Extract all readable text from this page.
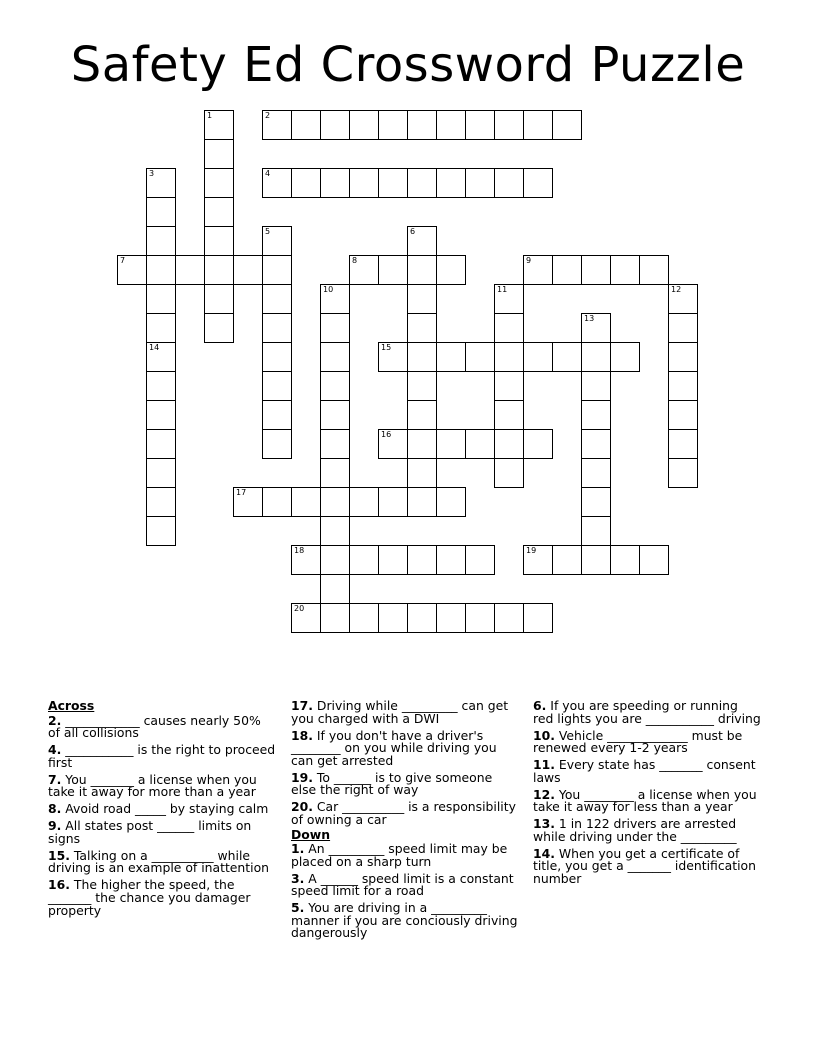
Safety Ed Crossword Puzzle
2
4
7	8	9
15
16
17
18	19
20
1
3
5	6
10	11	12
13
14
Across
2. ____________ causes nearly 50% of all collisions
4. ___________ is the right to proceed first
7. You _______ a license when you take it away for more than a year
8. Avoid road _____ by staying calm
9. All states post ______ limits on signs
15. Talking on a __________ while driving is an example of inattention
16. The higher the speed, the _______ the chance you damager property
17. Driving while _________ can get you charged with a DWI
18. If you don't have a driver's ________ on you while driving you can get arrested
19. To ______ is to give someone else the right of way
20. Car __________ is a responsibility of owning a car
Down
1. An _________ speed limit may be placed on a sharp turn
3. A ______ speed limit is a constant speed limit for a road
5. You are driving in a _________ manner if you are conciously driving dangerously
6. If you are speeding or running red lights you are ___________ driving
10. Vehicle _____________ must be renewed every 1-2 years
11. Every state has _______ consent laws
12. You ________ a license when you take it away for less than a year
13. 1 in 122 drivers are arrested while driving under the _________
14. When you get a certificate of title, you get a _______ identification number
